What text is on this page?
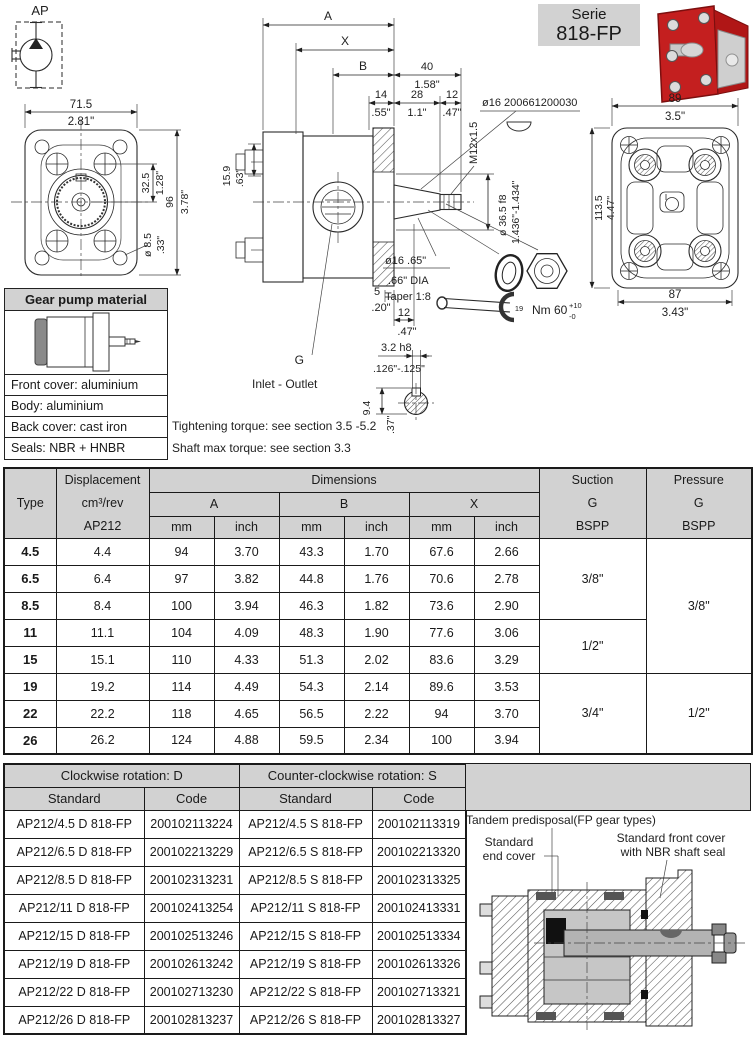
AP	Serie
818-FP
71.5
2.81"
32.5 1.28"
96 3.78"
ø 8.5 .33"
A
X
B	40
1.58"
14
.55"
28
1.1"
12
.47"
15.9 .63"
5
.20" 12
.47"
G
Inlet - Outlet
ø16 200661200030
M12x1.5
ø 36.5 f8 1.436"-1.434"
ø16 .65"
.66" DIA
Taper 1:8
19 Nm 60 +10
-0
3.2 h8
.126"-.125"
9.4
.37"
89
3.5"
113.5 4.47"
87
3.43"
Gear pump material
Front cover: aluminium
Body: aluminium
Back cover: cast iron
Seals: NBR + HNBR
Tightening torque: see section 3.5 -5.2
Shaft max torque: see section 3.3
Type	
Displacement
cm³/rev
AP212
	Dimensions	Suction
G
BSPP

Pressure
G
BSPP

		A		B		X			
		mm	inch	mm	inch	mm	inch		
4.5	4.4	94	3.70	43.3	1.70	67.6	2.66	3/8"	3/8"
6.5	6.4	97	3.82	44.8	1.76	70.6	2.78		
8.5	8.4	100	3.94	46.3	1.82	73.6	2.90		
11	11.1	104	4.09	48.3	1.90	77.6	3.06	1/2"	
15	15.1	110	4.33	51.3	2.02	83.6	3.29		
19	19.2	114	4.49	54.3	2.14	89.6	3.53	3/4"	1/2"
22	22.2	118	4.65	56.5	2.22	94	3.70		
26	26.2	124	4.88	59.5	2.34	100	3.94		
Clockwise rotation: D		Counter-clockwise rotation: S	
Standard	Code	Standard	Code
AP212/4.5 D 818-FP	200102113224	AP212/4.5 S 818-FP	200102113319
AP212/6.5 D 818-FP	200102213229	AP212/6.5 S 818-FP	200102213320
AP212/8.5 D 818-FP	200102313231	AP212/8.5 S 818-FP	200102313325
AP212/11 D 818-FP	200102413254	AP212/11 S 818-FP	200102413331
AP212/15 D 818-FP	200102513246	AP212/15 S 818-FP	200102513334
AP212/19 D 818-FP	200102613242	AP212/19 S 818-FP	200102613326
AP212/22 D 818-FP	200102713230	AP212/22 S 818-FP	200102713321
AP212/26 D 818-FP	200102813237	AP212/26 S 818-FP	200102813327
Tandem predisposal(FP gear types)
Standard
end cover
Standard front cover
with NBR shaft seal
